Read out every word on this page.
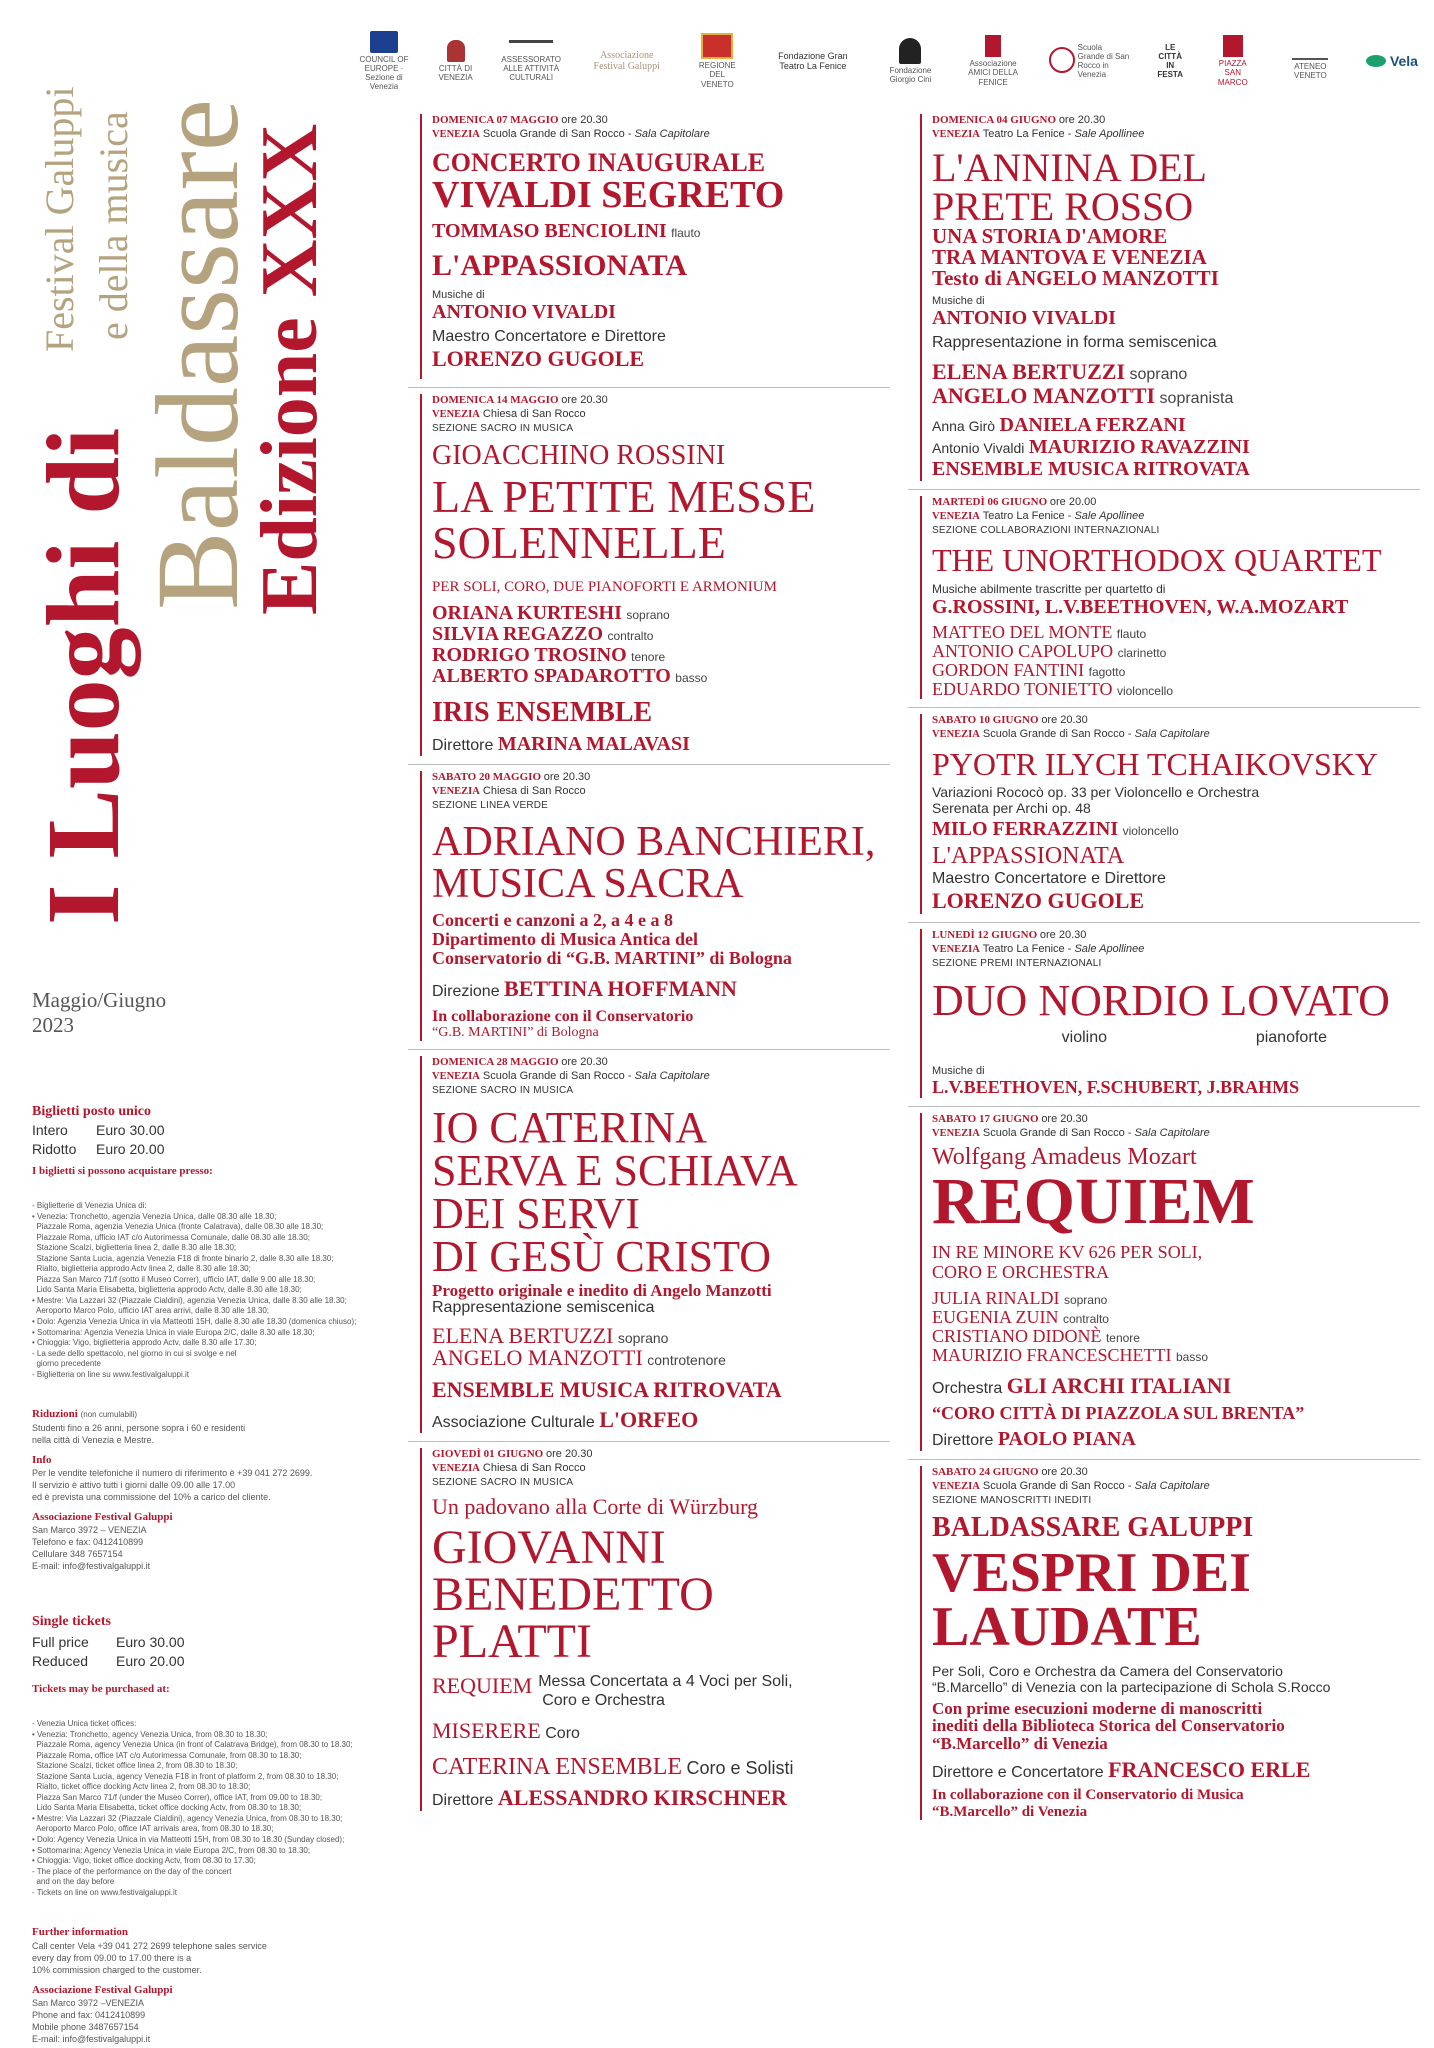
COUNCIL OF EUROPE · Sezione di Venezia
CITTÀ DI VENEZIA
ASSESSORATO ALLE ATTIVITÀ CULTURALI
Associazione Festival Galuppi	REGIONE DEL VENETO
Fondazione Gran Teatro La Fenice	Fondazione Giorgio Cini
Associazione AMICI DELLA FENICE
Scuola Grande di San Rocco in Venezia
LE CITTÀ IN FESTA
PIAZZA SAN MARCO
ATENEO VENETO
Vela
I Luoghi di
Baldassare
Edizione XXX
Festival Galuppi e della musica
Maggio/Giugno
2023
Biglietti posto unico
Intero Euro 30.00
Ridotto Euro 20.00
I biglietti si possono acquistare presso:

- Biglietterie di Venezia Unica di:

• Venezia: Tronchetto, agenzia Venezia Unica, dalle 08.30 alle 18.30;

Piazzale Roma, agenzia Venezia Unica (fronte Calatrava), dalle 08.30 alle 18.30;

Piazzale Roma, ufficio IAT c/o Autorimessa Comunale, dalle 08.30 alle 18.30;

Stazione Scalzi, biglietteria linea 2, dalle 8.30 alle 18.30;

Stazione Santa Lucia, agenzia Venezia F18 di fronte binario 2, dalle 8.30 alle 18.30;

Rialto, biglietteria approdo Actv linea 2, dalle 8.30 alle 18.30;

Piazza San Marco 71/f (sotto il Museo Correr), ufficio IAT, dalle 9.00 alle 18.30;

Lido Santa Maria Elisabetta, biglietteria approdo Actv, dalle 8.30 alle 18.30;

• Mestre: Via Lazzari 32 (Piazzale Cialdini), agenzia Venezia Unica, dalle 8.30 alle 18.30;

Aeroporto Marco Polo, ufficio IAT area arrivi, dalle 8.30 alle 18.30;

• Dolo: Agenzia Venezia Unica in via Matteotti 15H, dalle 8.30 alle 18.30 (domenica chiuso);

• Sottomarina: Agenzia Venezia Unica in viale Europa 2/C, dalle 8.30 alle 18.30;

• Chioggia: Vigo, biglietteria approdo Actv, dalle 8.30 alle 17.30;

- La sede dello spettacolo, nel giorno in cui si svolge e nel

giorno precedente

- Biglietteria on line su www.festivalgaluppi.it

Riduzioni (non cumulabili)
Studenti fino a 26 anni, persone sopra i 60 e residenti
nella città di Venezia e Mestre.
Info
Per le vendite telefoniche il numero di riferimento è +39 041 272 2699.
Il servizio è attivo tutti i giorni dalle 09.00 alle 17.00
ed è prevista una commissione del 10% a carico del cliente.
Associazione Festival Galuppi
San Marco 3972 – VENEZIA
Telefono e fax: 0412410899
Cellulare 348 7657154
E-mail: info@festivalgaluppi.it
Single tickets
Full price Euro 30.00
Reduced Euro 20.00
Tickets may be purchased at:

- Venezia Unica ticket offices:

• Venezia: Tronchetto, agency Venezia Unica, from 08.30 to 18.30;

Piazzale Roma, agency Venezia Unica (in front of Calatrava Bridge), from 08.30 to 18.30;

Piazzale Roma, office IAT c/o Autorimessa Comunale, from 08.30 to 18.30;

Stazione Scalzi, ticket office linea 2, from 08.30 to 18.30;

Stazione Santa Lucia, agency Venezia F18 in front of platform 2, from 08.30 to 18.30;

Rialto, ticket office docking Actv linea 2, from 08.30 to 18.30;

Piazza San Marco 71/f (under the Museo Correr), office IAT, from 09.00 to 18.30;

Lido Santa Maria Elisabetta, ticket office docking Actv, from 08.30 to 18.30;

• Mestre: Via Lazzari 32 (Piazzale Cialdini), agency Venezia Unica, from 08.30 to 18.30;

Aeroporto Marco Polo, office IAT arrivals area, from 08.30 to 18.30;

• Dolo: Agency Venezia Unica in via Matteotti 15H, from 08.30 to 18.30 (Sunday closed);

• Sottomarina: Agency Venezia Unica in viale Europa 2/C, from 08.30 to 18.30;

• Chioggia: Vigo, ticket office docking Actv, from 08.30 to 17.30;

- The place of the performance on the day of the concert

and on the day before

- Tickets on line on www.festivalgaluppi.it

Further information
Call center Vela +39 041 272 2699 telephone sales service
every day from 09.00 to 17.00 there is a
10% commission charged to the customer.
Associazione Festival Galuppi
San Marco 3972 –VENEZIA
Phone and fax: 0412410899
Mobile phone 3487657154
E-mail: info@festivalgaluppi.it
DOMENICA 07 MAGGIO ore 20.30
VENEZIA Scuola Grande di San Rocco - Sala Capitolare
CONCERTO INAUGURALE
VIVALDI SEGRETO
TOMMASO BENCIOLINI flauto
L'APPASSIONATA
Musiche di
ANTONIO VIVALDI
Maestro Concertatore e Direttore
LORENZO GUGOLE
DOMENICA 14 MAGGIO ore 20.30
VENEZIA Chiesa di San Rocco
SEZIONE SACRO IN MUSICA
GIOACCHINO ROSSINI
LA PETITE MESSE
SOLENNELLE
PER SOLI, CORO, DUE PIANOFORTI E ARMONIUM
ORIANA KURTESHI soprano
SILVIA REGAZZO contralto
RODRIGO TROSINO tenore
ALBERTO SPADAROTTO basso
IRIS ENSEMBLE
Direttore MARINA MALAVASI
SABATO 20 MAGGIO ore 20.30
VENEZIA Chiesa di San Rocco
SEZIONE LINEA VERDE
ADRIANO BANCHIERI,
MUSICA SACRA
Concerti e canzoni a 2, a 4 e a 8
Dipartimento di Musica Antica del
Conservatorio di “G.B. MARTINI” di Bologna
Direzione BETTINA HOFFMANN
In collaborazione con il Conservatorio
“G.B. MARTINI” di Bologna
DOMENICA 28 MAGGIO ore 20.30
VENEZIA Scuola Grande di San Rocco - Sala Capitolare
SEZIONE SACRO IN MUSICA
IO CATERINA
SERVA E SCHIAVA
DEI SERVI
DI GESÙ CRISTO
Progetto originale e inedito di Angelo Manzotti
Rappresentazione semiscenica
ELENA BERTUZZI soprano
ANGELO MANZOTTI controtenore
ENSEMBLE MUSICA RITROVATA
Associazione Culturale L'ORFEO
GIOVEDÌ 01 GIUGNO ore 20.30
VENEZIA Chiesa di San Rocco
SEZIONE SACRO IN MUSICA
Un padovano alla Corte di Würzburg
GIOVANNI
BENEDETTO
PLATTI
REQUIEM Messa Concertata a 4 Voci per Soli,
Coro e Orchestra
MISERERE Coro
CATERINA ENSEMBLE Coro e Solisti
Direttore ALESSANDRO KIRSCHNER
DOMENICA 04 GIUGNO ore 20.30
VENEZIA Teatro La Fenice - Sale Apollinee
L'ANNINA DEL
PRETE ROSSO
UNA STORIA D'AMORE
TRA MANTOVA E VENEZIA
Testo di ANGELO MANZOTTI
Musiche di
ANTONIO VIVALDI
Rappresentazione in forma semiscenica
ELENA BERTUZZI soprano
ANGELO MANZOTTI sopranista
Anna Girò DANIELA FERZANI
Antonio Vivaldi MAURIZIO RAVAZZINI
ENSEMBLE MUSICA RITROVATA
MARTEDÌ 06 GIUGNO ore 20.00
VENEZIA Teatro La Fenice - Sale Apollinee
SEZIONE COLLABORAZIONI INTERNAZIONALI
THE UNORTHODOX QUARTET
Musiche abilmente trascritte per quartetto di
G.ROSSINI, L.V.BEETHOVEN, W.A.MOZART
MATTEO DEL MONTE flauto
ANTONIO CAPOLUPO clarinetto
GORDON FANTINI fagotto
EDUARDO TONIETTO violoncello
SABATO 10 GIUGNO ore 20.30
VENEZIA Scuola Grande di San Rocco - Sala Capitolare
PYOTR ILYCH TCHAIKOVSKY
Variazioni Rococò op. 33 per Violoncello e Orchestra
Serenata per Archi op. 48
MILO FERRAZZINI violoncello
L'APPASSIONATA
Maestro Concertatore e Direttore
LORENZO GUGOLE
LUNEDÌ 12 GIUGNO ore 20.30
VENEZIA Teatro La Fenice - Sale Apollinee
SEZIONE PREMI INTERNAZIONALI
DUO NORDIO LOVATO
violino	pianoforte
Musiche di
L.V.BEETHOVEN, F.SCHUBERT, J.BRAHMS
SABATO 17 GIUGNO ore 20.30
VENEZIA Scuola Grande di San Rocco - Sala Capitolare
Wolfgang Amadeus Mozart
REQUIEM
IN RE MINORE KV 626 PER SOLI,
CORO E ORCHESTRA
JULIA RINALDI soprano
EUGENIA ZUIN contralto
CRISTIANO DIDONÈ tenore
MAURIZIO FRANCESCHETTI basso
Orchestra GLI ARCHI ITALIANI
“CORO CITTÀ DI PIAZZOLA SUL BRENTA”
Direttore PAOLO PIANA
SABATO 24 GIUGNO ore 20.30
VENEZIA Scuola Grande di San Rocco - Sala Capitolare
SEZIONE MANOSCRITTI INEDITI
BALDASSARE GALUPPI
VESPRI DEI
LAUDATE
Per Soli, Coro e Orchestra da Camera del Conservatorio
“B.Marcello” di Venezia con la partecipazione di Schola S.Rocco
Con prime esecuzioni moderne di manoscritti
inediti della Biblioteca Storica del Conservatorio
“B.Marcello” di Venezia
Direttore e Concertatore FRANCESCO ERLE
In collaborazione con il Conservatorio di Musica
“B.Marcello” di Venezia
